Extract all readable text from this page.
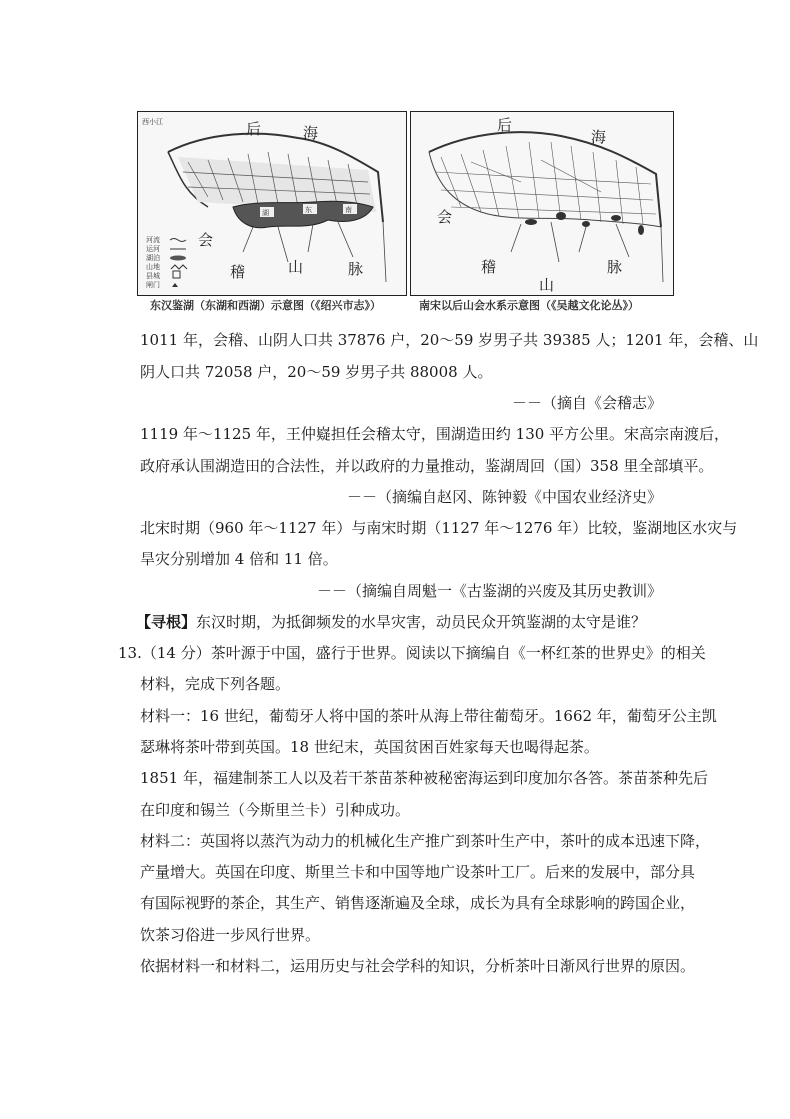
湖	东	南
后	海
会
稽	山	脉
西小江
河流
运河
湖泊
山地
县城
闸门
东汉鉴湖（东湖和西湖）示意图（《绍兴市志》）
后
海
会
稽
山
脉
南宋以后山会水系示意图（《吴越文化论丛》）
1011 年，会稽、山阴人口共 37876 户，20～59 岁男子共 39385 人；1201 年，会稽、山
阴人口共 72058 户，20～59 岁男子共 88008 人。
－－（摘自《会稽志》
1119 年～1125 年，王仲嶷担任会稽太守，围湖造田约 130 平方公里。宋高宗南渡后，
政府承认围湖造田的合法性，并以政府的力量推动，鉴湖周回（国）358 里全部填平。
－－（摘编自赵冈、陈钟毅《中国农业经济史》
北宋时期（960 年～1127 年）与南宋时期（1127 年～1276 年）比较，鉴湖地区水灾与
旱灾分别增加 4 倍和 11 倍。
－－（摘编自周魁一《古鉴湖的兴废及其历史教训》
【寻根】东汉时期，为抵御频发的水旱灾害，动员民众开筑鉴湖的太守是谁？
13.（14 分）茶叶源于中国，盛行于世界。阅读以下摘编自《一杯红茶的世界史》的相关
材料，完成下列各题。
材料一：16 世纪，葡萄牙人将中国的茶叶从海上带往葡萄牙。1662 年，葡萄牙公主凯
瑟琳将茶叶带到英国。18 世纪末，英国贫困百姓家每天也喝得起茶。
1851 年，福建制茶工人以及若干茶苗茶种被秘密海运到印度加尔各答。茶苗茶种先后
在印度和锡兰（今斯里兰卡）引种成功。
材料二：英国将以蒸汽为动力的机械化生产推广到茶叶生产中，茶叶的成本迅速下降，
产量增大。英国在印度、斯里兰卡和中国等地广设茶叶工厂。后来的发展中，部分具
有国际视野的茶企，其生产、销售逐渐遍及全球，成长为具有全球影响的跨国企业，
饮茶习俗进一步风行世界。
依据材料一和材料二，运用历史与社会学科的知识，分析茶叶日渐风行世界的原因。
